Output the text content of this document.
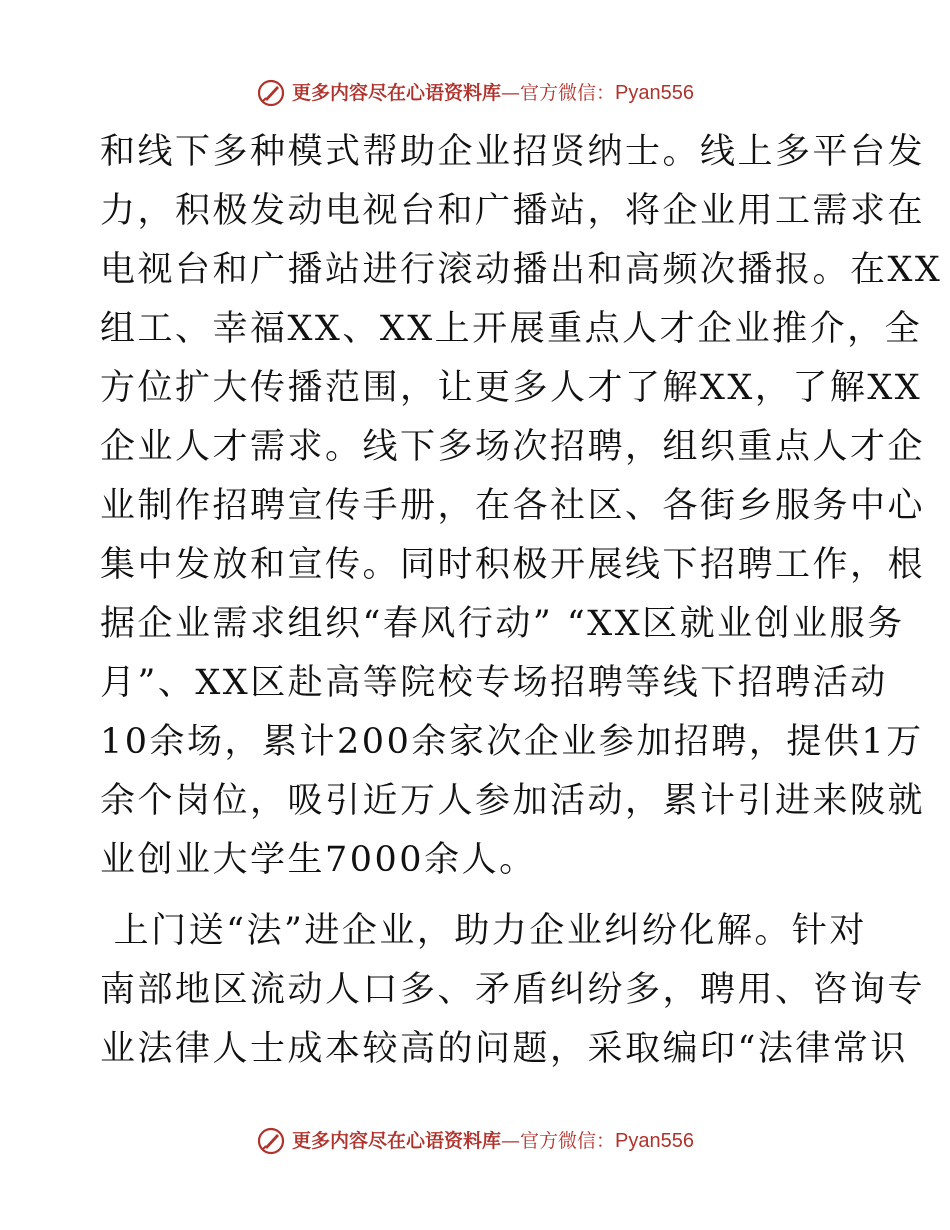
更多内容尽在心语资料库 — 官方微信： Pyan556

和线下多种模式帮助企业招贤纳士。线上多平台发

力，积极发动电视台和广播站，将企业用工需求在

电视台和广播站进行滚动播出和高频次播报。在XX

组工、幸福XX、XX上开展重点人才企业推介，全

方位扩大传播范围，让更多人才了解XX，了解XX

企业人才需求。线下多场次招聘，组织重点人才企

业制作招聘宣传手册，在各社区、各街乡服务中心

集中发放和宣传。同时积极开展线下招聘工作，根

据企业需求组织“春风行动” “XX区就业创业服务

月”、XX区赴高等院校专场招聘等线下招聘活动

10余场，累计200余家次企业参加招聘，提供1万

余个岗位，吸引近万人参加活动，累计引进来陂就

业创业大学生7000余人。

上门送“法”进企业，助力企业纠纷化解。针对

南部地区流动人口多、矛盾纠纷多，聘用、咨询专

业法律人士成本较高的问题，采取编印“法律常识

更多内容尽在心语资料库 — 官方微信： Pyan556
